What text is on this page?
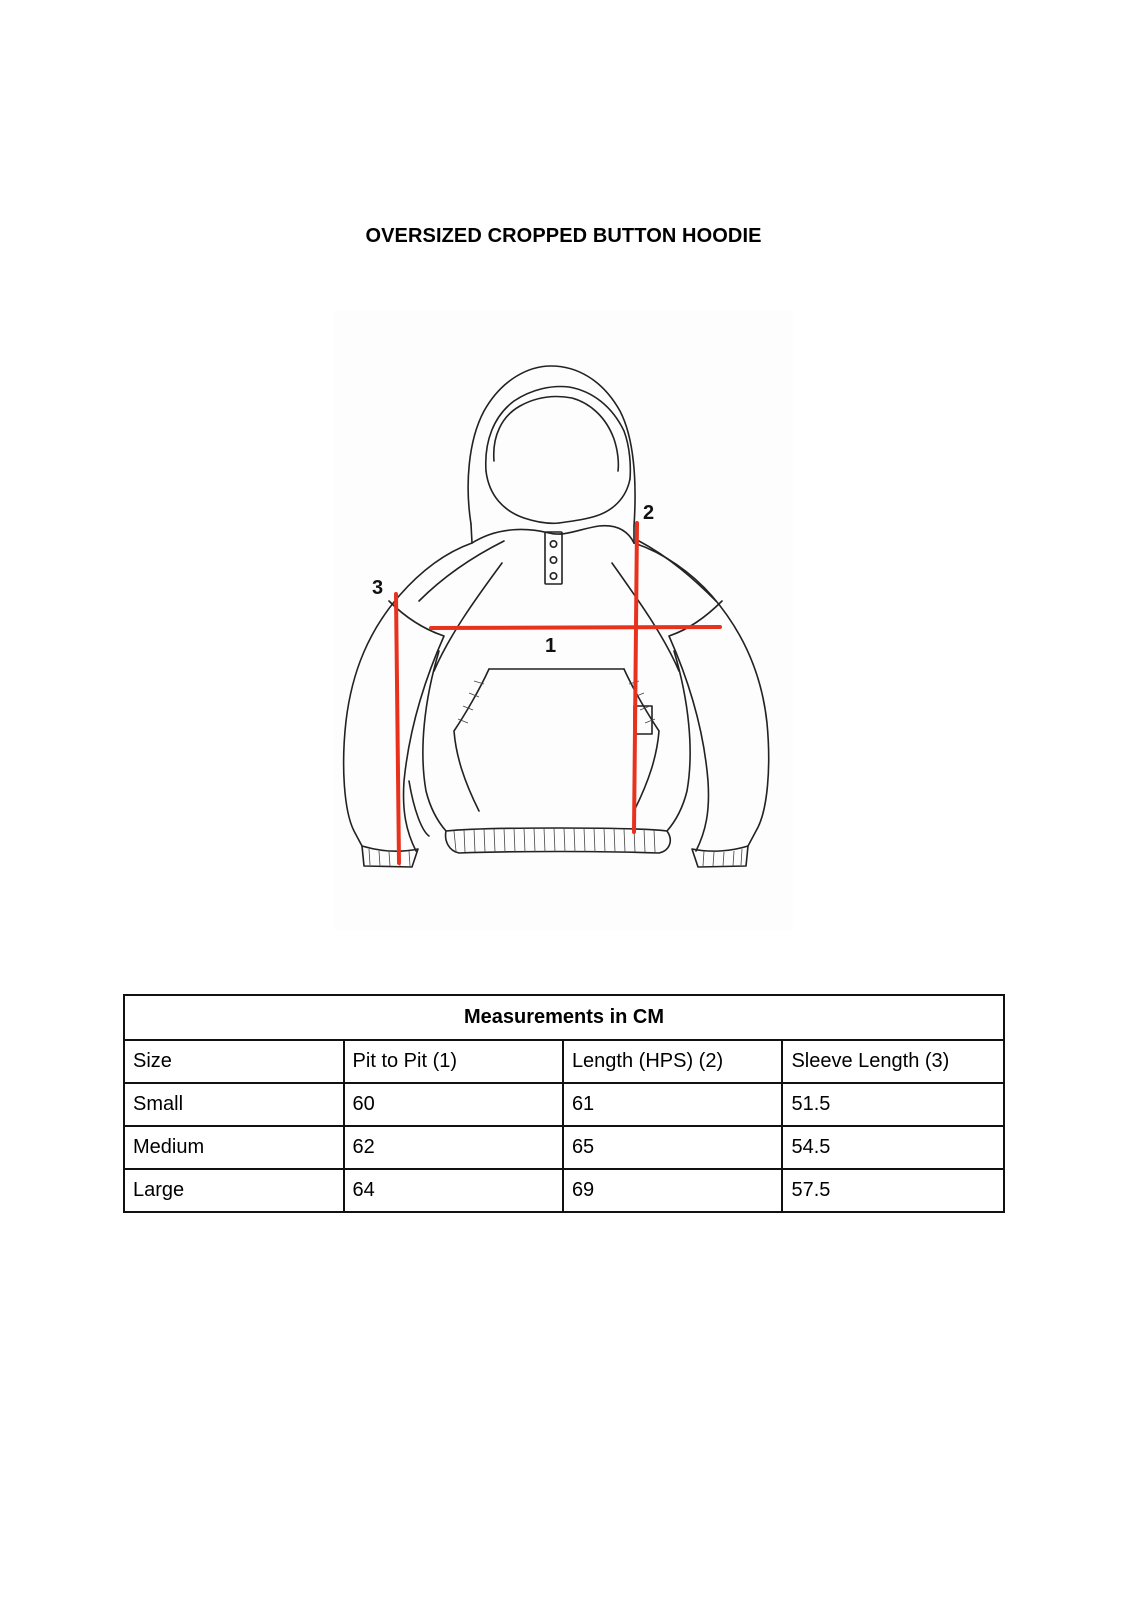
OVERSIZED CROPPED BUTTON HOODIE
1
2
3
Measurements in CM			
Size	Pit to Pit (1)	Length (HPS) (2)	Sleeve Length (3)
Small	60	61	51.5
Medium	62	65	54.5
Large	64	69	57.5
